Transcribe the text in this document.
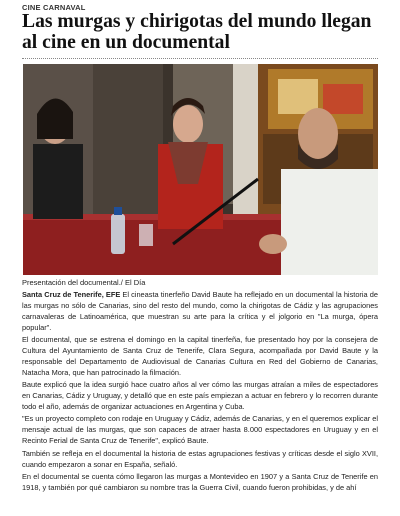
CINE CARNAVAL
Las murgas y chirigotas del mundo llegan al cine en un documental
Presentación del documental./ El Día

Santa Cruz de Tenerife, EFE El cineasta tinerfeño David Baute ha reflejado en un documental la historia de las murgas no sólo de Canarias, sino del resto del mundo, como la chirigotas de Cádiz y las agrupaciones carnavaleras de Latinoamérica, que muestran su arte para la crítica y el jolgorio en "La murga, ópera popular".

El documental, que se estrena el domingo en la capital tinerfeña, fue presentado hoy por la consejera de Cultura del Ayuntamiento de Santa Cruz de Tenerife, Clara Segura, acompañada por David Baute y la responsable del Departamento de Audiovisual de Canarias Cultura en Red del Gobierno de Canarias, Natacha Mora, que han patrocinado la filmación.

Baute explicó que la idea surgió hace cuatro años al ver cómo las murgas atraían a miles de espectadores en Canarias, Cádiz y Uruguay, y detalló que en este país empiezan a actuar en febrero y lo recorren durante todo el año, además de organizar actuaciones en Argentina y Cuba.

"Es un proyecto completo con rodaje en Uruguay y Cádiz, además de Canarias, y en el queremos explicar el mensaje actual de las murgas, que son capaces de atraer hasta 8.000 espectadores en Uruguay y en el Recinto Ferial de Santa Cruz de Tenerife", explicó Baute.

También se refleja en el documental la historia de estas agrupaciones festivas y críticas desde el siglo XVII, cuando empezaron a sonar en España, señaló.

En el documental se cuenta cómo llegaron las murgas a Montevideo en 1907 y a Santa Cruz de Tenerife en 1918, y también por qué cambiaron su nombre tras la Guerra Civil, cuando fueron prohibidas, y de ahí
